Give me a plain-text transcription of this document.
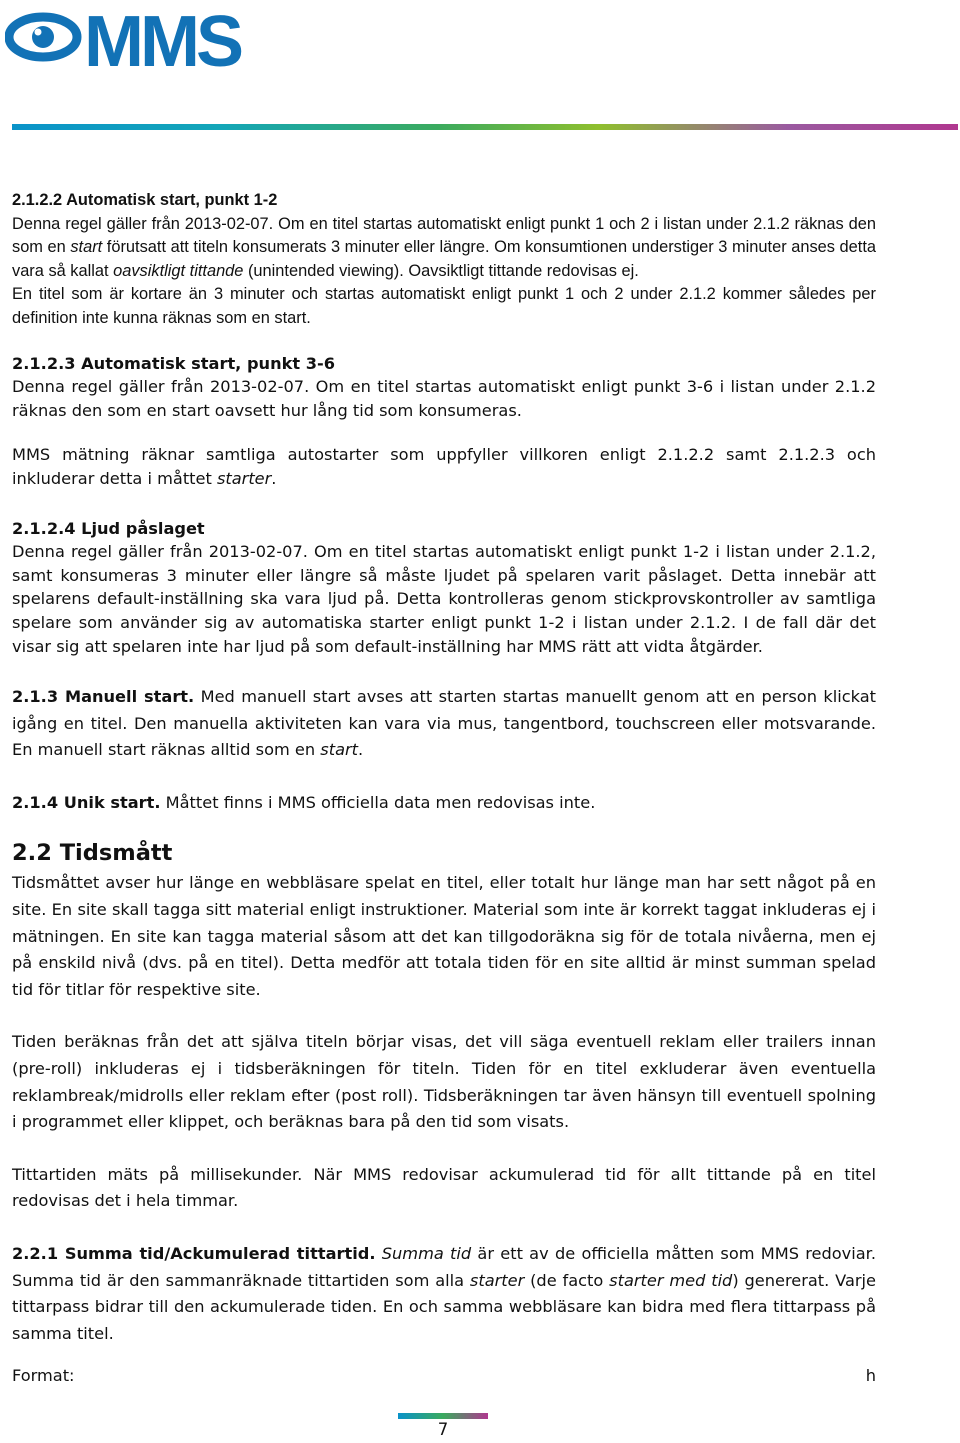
MMS

2.1.2.2 Automatisk start, punkt 1-2
Denna regel gäller från 2013-02-07. Om en titel startas automatiskt enligt punkt 1 och 2 i listan under 2.1.2 räknas den som en start förutsatt att titeln konsumerats 3 minuter eller längre. Om konsumtionen understiger 3 minuter anses detta vara så kallat oavsiktligt tittande (unintended viewing). Oavsiktligt tittande redovisas ej.
En titel som är kortare än 3 minuter och startas automatiskt enligt punkt 1 och 2 under 2.1.2 kommer således per definition inte kunna räknas som en start.

2.1.2.3 Automatisk start, punkt 3-6
Denna regel gäller från 2013-02-07. Om en titel startas automatiskt enligt punkt 3-6 i listan under 2.1.2 räknas den som en start oavsett hur lång tid som konsumeras.

MMS mätning räknar samtliga autostarter som uppfyller villkoren enligt 2.1.2.2 samt 2.1.2.3 och inkluderar detta i måttet starter.

2.1.2.4 Ljud påslaget
Denna regel gäller från 2013-02-07. Om en titel startas automatiskt enligt punkt 1-2 i listan under 2.1.2, samt konsumeras 3 minuter eller längre så måste ljudet på spelaren varit påslaget. Detta innebär att spelarens default-inställning ska vara ljud på. Detta kontrolleras genom stickprovskontroller av samtliga spelare som använder sig av automatiska starter enligt punkt 1-2 i listan under 2.1.2. I de fall där det visar sig att spelaren inte har ljud på som default-inställning har MMS rätt att vidta åtgärder.

2.1.3 Manuell start. Med manuell start avses att starten startas manuellt genom att en person klickat igång en titel. Den manuella aktiviteten kan vara via mus, tangentbord, touchscreen eller motsvarande. En manuell start räknas alltid som en start.

2.1.4 Unik start. Måttet finns i MMS officiella data men redovisas inte.

2.2 Tidsmått

Tidsmåttet avser hur länge en webbläsare spelat en titel, eller totalt hur länge man har sett något på en site. En site skall tagga sitt material enligt instruktioner. Material som inte är korrekt taggat inkluderas ej i mätningen. En site kan tagga material såsom att det kan tillgodoräkna sig för de totala nivåerna, men ej på enskild nivå (dvs. på en titel). Detta medför att totala tiden för en site alltid är minst summan spelad tid för titlar för respektive site.

Tiden beräknas från det att själva titeln börjar visas, det vill säga eventuell reklam eller trailers innan (pre-roll) inkluderas ej i tidsberäkningen för titeln. Tiden för en titel exkluderar även eventuella reklambreak/midrolls eller reklam efter (post roll). Tidsberäkningen tar även hänsyn till eventuell spolning i programmet eller klippet, och beräknas bara på den tid som visats.

Tittartiden mäts på millisekunder. När MMS redovisar ackumulerad tid för allt tittande på en titel redovisas det i hela timmar.

2.2.1 Summa tid/Ackumulerad tittartid. Summa tid är ett av de officiella måtten som MMS redoviar. Summa tid är den sammanräknade tittartiden som alla starter (de facto starter med tid) genererat. Varje tittarpass bidrar till den ackumulerade tiden. En och samma webbläsare kan bidra med flera tittarpass på samma titel.

Format:	h
7
